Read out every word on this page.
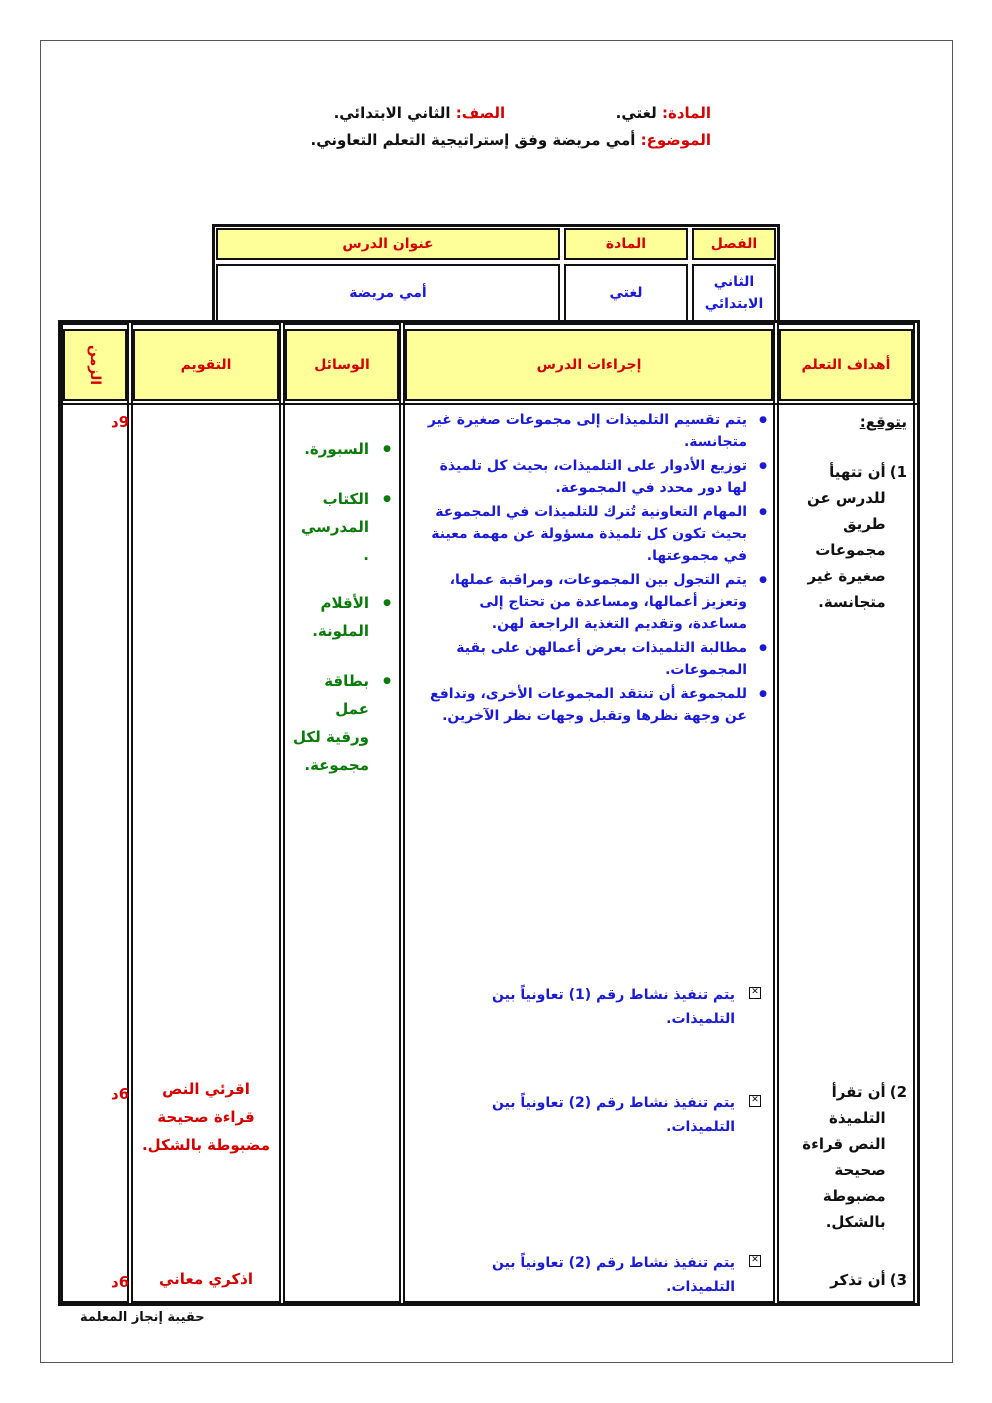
المادة: لغتي.  الصف: الثاني الابتدائي.
الموضوع: أمي مريضة وفق إستراتيجية التعلم التعاوني.
الفصل
المادة
عنوان الدرس
الثاني الابتدائي
لغتي
أمي مريضة
أهداف التعلم
إجراءات الدرس
الوسائل
التقويم
الزمن
يتوقع:
1)
أن تتهيأ للدرس عن طريق مجموعات صغيرة غير متجانسة.
2)
أن تقرأ التلميذة النص قراءة صحيحة مضبوطة بالشكل.
3)
أن تذكر
● يتم تقسيم التلميذات إلى مجموعات صغيرة غير متجانسة.
● توزيع الأدوار على التلميذات، بحيث كل تلميذة لها دور محدد في المجموعة.
● المهام التعاونية تُترك للتلميذات في المجموعة بحيث تكون كل تلميذة مسؤولة عن مهمة معينة في مجموعتها.
● يتم التجول بين المجموعات، ومراقبة عملها، وتعزيز أعمالها، ومساعدة من تحتاج إلى مساعدة، وتقديم التغذية الراجعة لهن.
● مطالبة التلميذات بعرض أعمالهن على بقية المجموعات.
● للمجموعة أن تنتقد المجموعات الأخرى، وتدافع عن وجهة نظرها وتقبل وجهات نظر الآخرين.
✕
يتم تنفيذ نشاط رقم (1) تعاونياً بين التلميذات.
✕
يتم تنفيذ نشاط رقم (2) تعاونياً بين التلميذات.
✕
يتم تنفيذ نشاط رقم (2) تعاونياً بين التلميذات.
● السبورة.
● الكتاب المدرسي .
● الأقلام الملونة.
● بطاقة عمل ورقية لكل مجموعة.
اقرئي النص قراءة صحيحة مضبوطة بالشكل.
اذكري معاني
9د
6د
6د
حقيبة إنجاز المعلمة
